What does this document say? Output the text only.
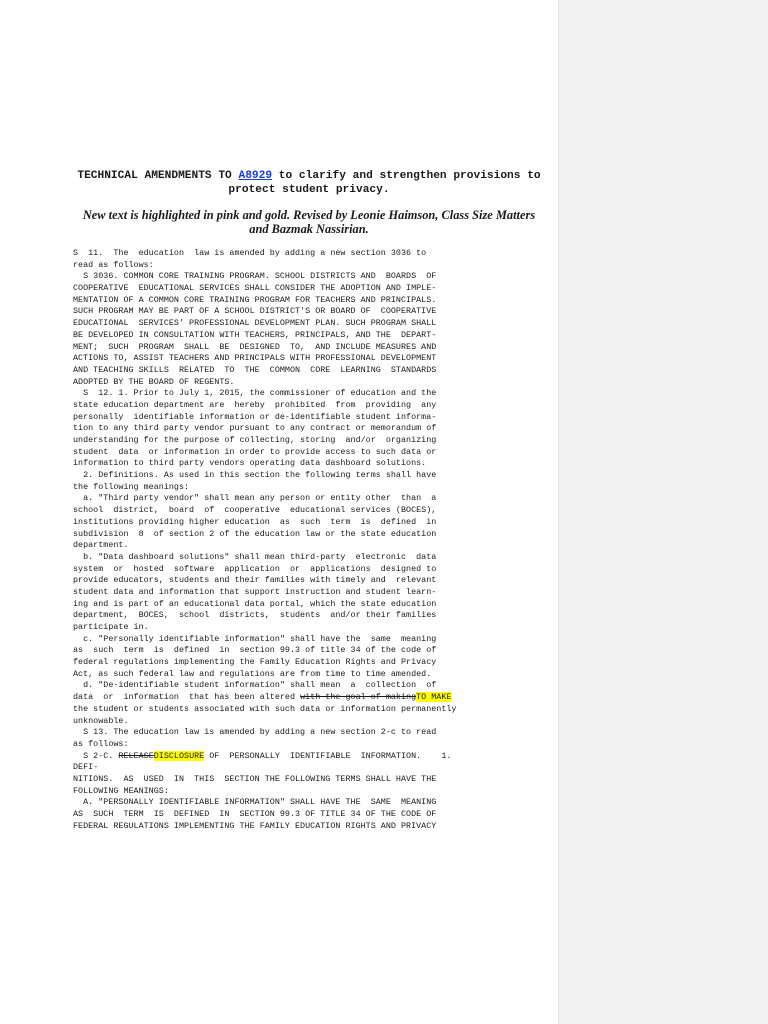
TECHNICAL AMENDMENTS TO A8929 to clarify and strengthen provisions to protect student privacy.

New text is highlighted in pink and gold. Revised by Leonie Haimson, Class Size Matters and Bazmak Nassirian.

S  11.  The  education  law is amended by adding a new section 3036 to
read as follows:
S 3036. COMMON CORE TRAINING PROGRAM. SCHOOL DISTRICTS AND  BOARDS  OF
COOPERATIVE  EDUCATIONAL SERVICES SHALL CONSIDER THE ADOPTION AND IMPLE-
MENTATION OF A COMMON CORE TRAINING PROGRAM FOR TEACHERS AND PRINCIPALS.
SUCH PROGRAM MAY BE PART OF A SCHOOL DISTRICT'S OR BOARD OF  COOPERATIVE
EDUCATIONAL  SERVICES' PROFESSIONAL DEVELOPMENT PLAN. SUCH PROGRAM SHALL
BE DEVELOPED IN CONSULTATION WITH TEACHERS, PRINCIPALS, AND THE  DEPART-
MENT;  SUCH  PROGRAM  SHALL  BE  DESIGNED  TO,  AND INCLUDE MEASURES AND
ACTIONS TO, ASSIST TEACHERS AND PRINCIPALS WITH PROFESSIONAL DEVELOPMENT
AND TEACHING SKILLS  RELATED  TO  THE  COMMON  CORE  LEARNING  STANDARDS
ADOPTED BY THE BOARD OF REGENTS.
S  12. 1. Prior to July 1, 2015, the commissioner of education and the
state education department are  hereby  prohibited  from  providing  any
personally  identifiable information or de-identifiable student informa-
tion to any third party vendor pursuant to any contract or memorandum of
understanding for the purpose of collecting, storing  and/or  organizing
student  data  or information in order to provide access to such data or
information to third party vendors operating data dashboard solutions.
2. Definitions. As used in this section the following terms shall have
the following meanings:
a. "Third party vendor" shall mean any person or entity other  than  a
school  district,  board  of  cooperative  educational services (BOCES),
institutions providing higher education  as  such  term  is  defined  in
subdivision  8  of section 2 of the education law or the state education
department.
b. "Data dashboard solutions" shall mean third-party  electronic  data
system  or  hosted  software  application  or  applications  designed to
provide educators, students and their families with timely and  relevant
student data and information that support instruction and student learn-
ing and is part of an educational data portal, which the state education
department,  BOCES,  school  districts,  students  and/or their families
participate in.
c. "Personally identifiable information" shall have the  same  meaning
as  such  term  is  defined  in  section 99.3 of title 34 of the code of
federal regulations implementing the Family Education Rights and Privacy
Act, as such federal law and regulations are from time to time amended.
d. "De-identifiable student information" shall mean  a  collection  of
data  or  information  that has been altered with the goal of makingTO MAKE
the student or students associated with such data or information permanently
unknowable.
S 13. The education law is amended by adding a new section 2-c to read
as follows:
S 2-C. RELEASEDISCLOSURE OF  PERSONALLY  IDENTIFIABLE  INFORMATION.    1.
DEFI-
NITIONS.  AS  USED  IN  THIS  SECTION THE FOLLOWING TERMS SHALL HAVE THE
FOLLOWING MEANINGS:
A. "PERSONALLY IDENTIFIABLE INFORMATION" SHALL HAVE THE  SAME  MEANING
AS  SUCH  TERM  IS  DEFINED  IN  SECTION 99.3 OF TITLE 34 OF THE CODE OF
FEDERAL REGULATIONS IMPLEMENTING THE FAMILY EDUCATION RIGHTS AND PRIVACY
